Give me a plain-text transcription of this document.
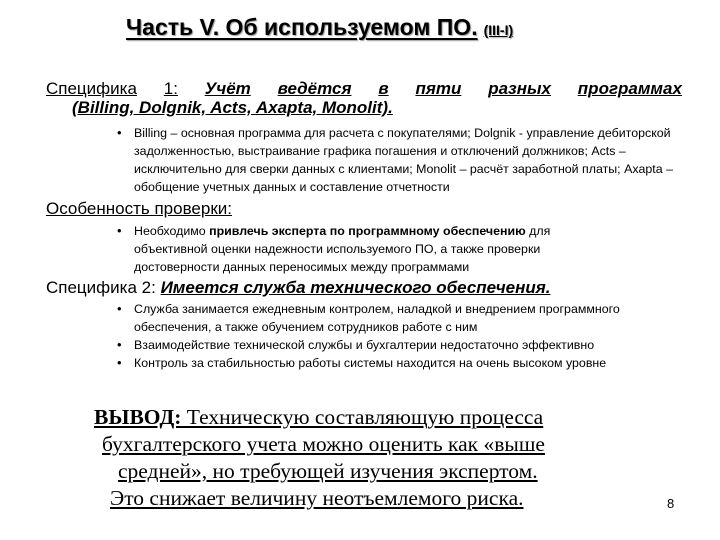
Часть V. Об используемом ПО. (III-I)
Специфика 1: Учёт ведётся в пяти разных программах
(Billing, Dolgnik, Acts, Axapta, Monolit).
• Billing – основная программа для расчета с покупателями; Dolgnik - управление дебиторской задолженностью, выстраивание графика погашения и отключений должников; Acts – исключительно для сверки данных с клиентами; Monolit – расчёт заработной платы; Axapta – обобщение учетных данных и составление отчетности
Особенность проверки:
• Необходимо привлечь эксперта по программному обеспечению для объективной оценки надежности используемого ПО, а также проверки достоверности данных переносимых между программами
Специфика 2: Имеется служба технического обеспечения.
• Служба занимается ежедневным контролем, наладкой и внедрением программного обеспечения, а также обучением сотрудников работе с ним
• Взаимодействие технической службы и бухгалтерии недостаточно эффективно
• Контроль за стабильностью работы системы находится на очень высоком уровне
ВЫВОД: Техническую составляющую процесса
бухгалтерского учета можно оценить как «выше
средней», но требующей изучения экспертом.
Это снижает величину неотъемлемого риска.	8
